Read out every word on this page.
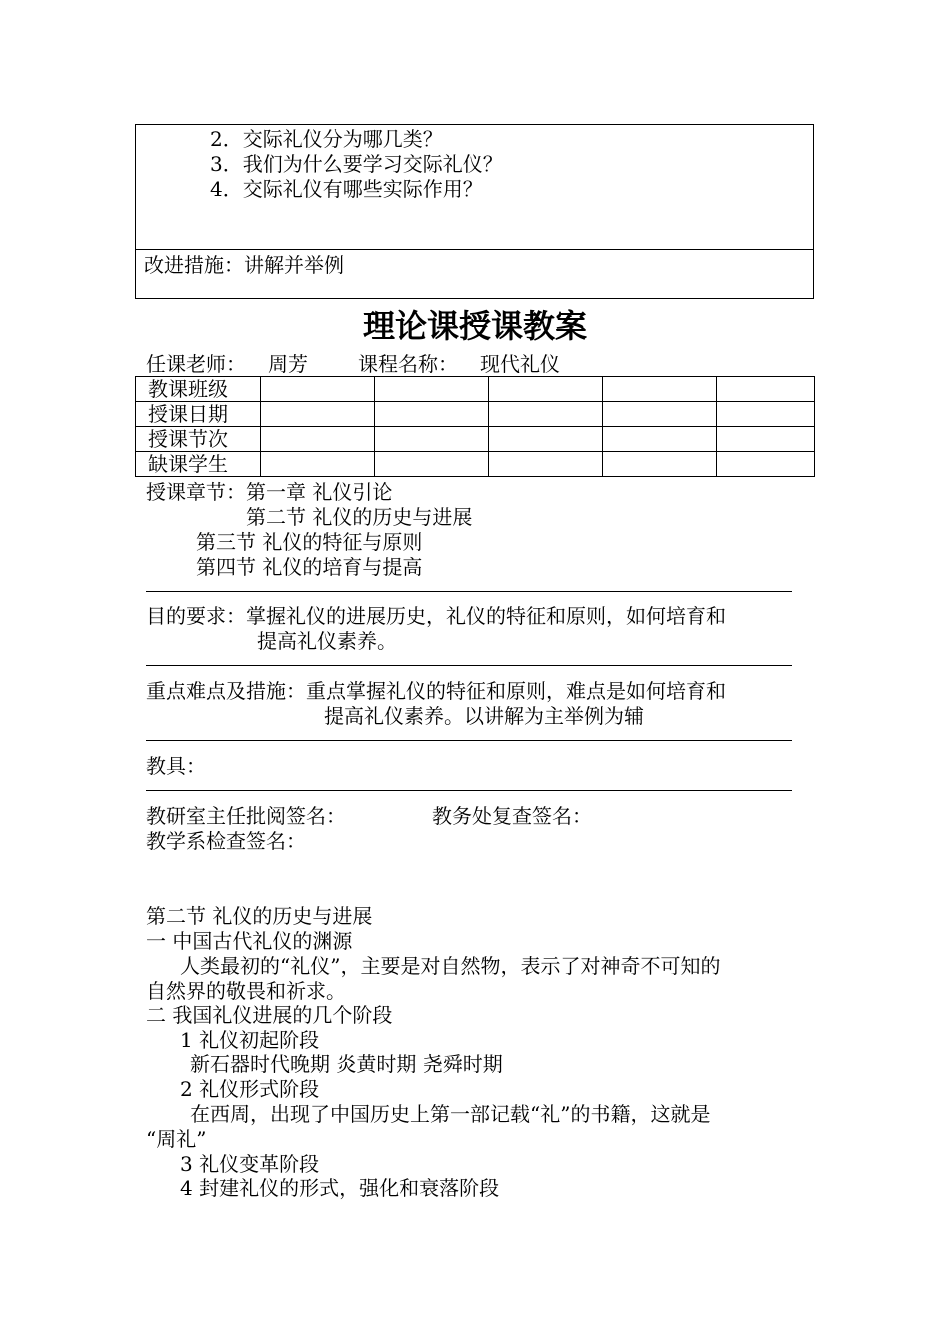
2．交际礼仪分为哪几类？
3．我们为什么要学习交际礼仪？
4．交际礼仪有哪些实际作用？
改进措施：讲解并举例
理论课授课教案
任课老师： 周芳	课程名称： 现代礼仪
教课班级					
授课日期					
授课节次					
缺课学生					
授课章节：第一章 礼仪引论
第二节 礼仪的历史与进展
第三节 礼仪的特征与原则
第四节 礼仪的培育与提高
目的要求：掌握礼仪的进展历史，礼仪的特征和原则，如何培育和
提高礼仪素养。
重点难点及措施：重点掌握礼仪的特征和原则，难点是如何培育和
提高礼仪素养。以讲解为主举例为辅
教具：
教研室主任批阅签名：	教务处复查签名：
教学系检查签名：
第二节 礼仪的历史与进展
一 中国古代礼仪的渊源
人类最初的“礼仪”，主要是对自然物，表示了对神奇不可知的
自然界的敬畏和祈求。
二 我国礼仪进展的几个阶段
1 礼仪初起阶段
新石器时代晚期 炎黄时期 尧舜时期
2 礼仪形式阶段
在西周，出现了中国历史上第一部记载“礼”的书籍，这就是
“周礼”
3 礼仪变革阶段
4 封建礼仪的形式，强化和衰落阶段
